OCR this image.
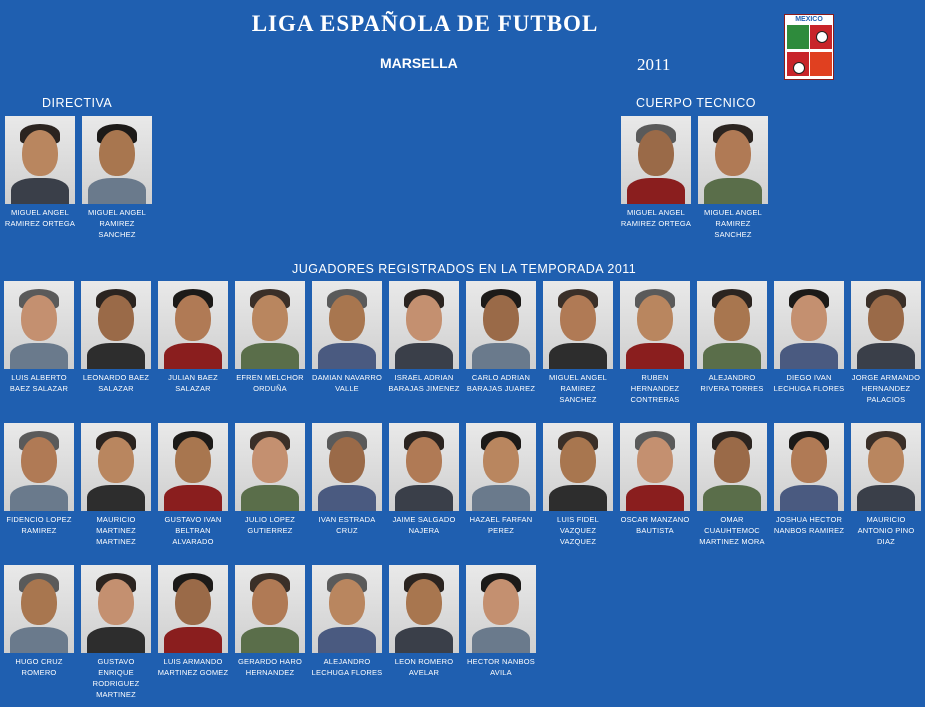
LIGA ESPAÑOLA DE FUTBOL
MARSELLA	2011
MEXICO
DIRECTIVA	CUERPO TECNICO
JUGADORES REGISTRADOS EN LA TEMPORADA 2011
MIGUEL ANGEL RAMIREZ ORTEGA
MIGUEL ANGEL RAMIREZ SANCHEZ
MIGUEL ANGEL RAMIREZ ORTEGA
MIGUEL ANGEL RAMIREZ SANCHEZ
LUIS ALBERTO BAEZ SALAZAR
LEONARDO BAEZ SALAZAR
JULIAN BAEZ SALAZAR
EFREN MELCHOR ORDUÑA
DAMIAN NAVARRO VALLE
ISRAEL ADRIAN BARAJAS JIMENEZ
CARLO ADRIAN BARAJAS JUAREZ
MIGUEL ANGEL RAMIREZ SANCHEZ
RUBEN HERNANDEZ CONTRERAS
ALEJANDRO RIVERA TORRES
DIEGO IVAN LECHUGA FLORES
JORGE ARMANDO HERNANDEZ PALACIOS
FIDENCIO LOPEZ RAMIREZ
MAURICIO MARTINEZ MARTINEZ
GUSTAVO IVAN BELTRAN ALVARADO
JULIO LOPEZ GUTIERREZ
IVAN ESTRADA CRUZ
JAIME SALGADO NAJERA
HAZAEL FARFAN PEREZ
LUIS FIDEL VAZQUEZ VAZQUEZ
OSCAR MANZANO BAUTISTA
OMAR CUAUHTEMOC MARTINEZ MORA
JOSHUA HECTOR NANBOS RAMIREZ
MAURICIO ANTONIO PINO DIAZ
HUGO CRUZ ROMERO
GUSTAVO ENRIQUE RODRIGUEZ MARTINEZ
LUIS ARMANDO MARTINEZ GOMEZ
GERARDO HARO HERNANDEZ
ALEJANDRO LECHUGA FLORES
LEON ROMERO AVELAR
HECTOR NANBOS AVILA
